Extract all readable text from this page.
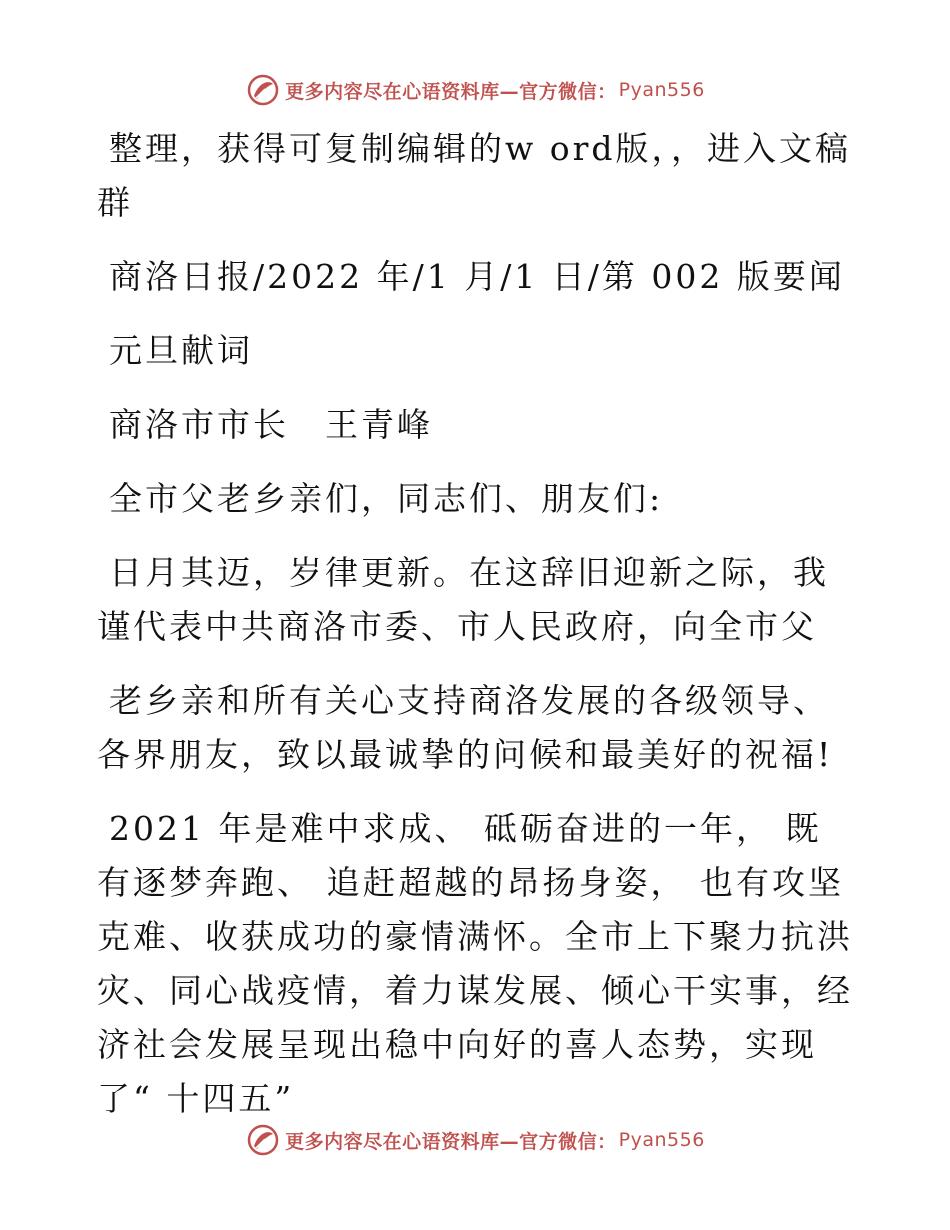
更多内容尽在心语资料库—官方微信： Pyan556

整理，获得可复制编辑的w ord版，，进入文稿群

商洛日报/2022 年/1 月/1 日/第 002 版要闻

元旦献词

商洛市市长　王青峰

全市父老乡亲们，同志们、朋友们:

日月其迈，岁律更新。在这辞旧迎新之际，我谨代表中共商洛市委、市人民政府，向全市父

老乡亲和所有关心支持商洛发展的各级领导、各界朋友，致以最诚挚的问候和最美好的祝福!

2021 年是难中求成、 砥砺奋进的一年， 既有逐梦奔跑、 追赶超越的昂扬身姿， 也有攻坚克难、收获成功的豪情满怀。全市上下聚力抗洪灾、同心战疫情，着力谋发展、倾心干实事，经济社会发展呈现出稳中向好的喜人态势，实现了“ 十四五”

更多内容尽在心语资料库—官方微信： Pyan556
